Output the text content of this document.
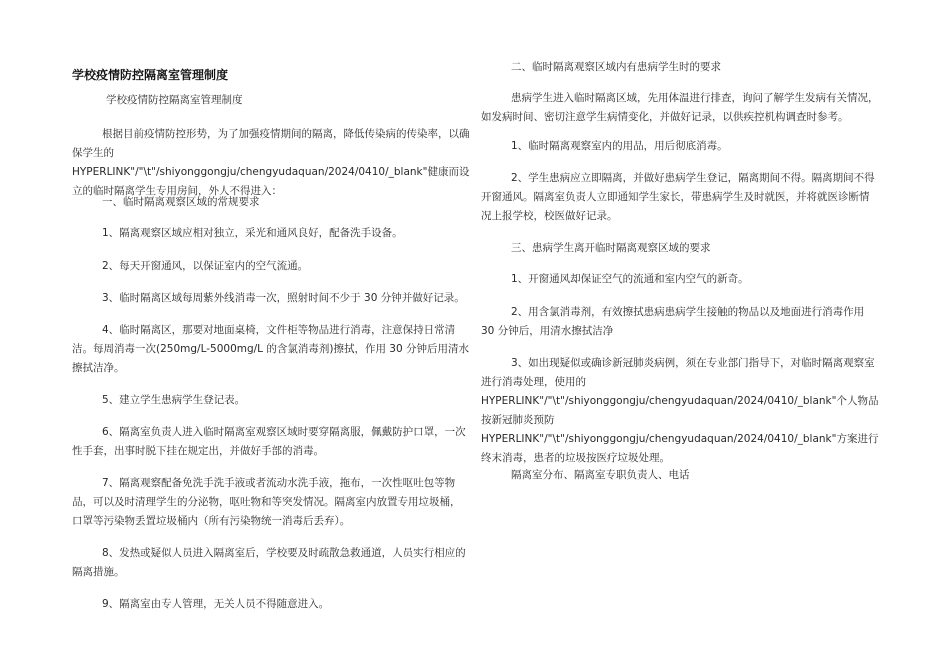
学校疫情防控隔离室管理制度

学校疫情防控隔离室管理制度

根据目前疫情防控形势，为了加强疫情期间的隔离，降低传染病的传染率，以确保学生的 HYPERLINK"/"\t"/shiyonggongju/chengyudaquan/2024/0410/_blank"健康而设立的临时隔离学生专用房间，外人不得进入：

一、临时隔离观察区域的常规要求

1、隔离观察区域应相对独立，采光和通风良好，配备洗手设备。

2、每天开窗通风，以保证室内的空气流通。

3、临时隔离区域每周紫外线消毒一次，照射时间不少于 30 分钟并做好记录。

4、临时隔离区，那要对地面桌椅，文件柜等物品进行消毒，注意保持日常清洁。每周消毒一次(250mg/L-5000mg/L 的含氯消毒剂)擦拭，作用 30 分钟后用清水擦拭洁净。

5、建立学生患病学生登记表。

6、隔离室负责人进入临时隔离室观察区域时要穿隔离服，佩戴防护口罩，一次性手套，出事时脱下挂在规定出，并做好手部的消毒。

7、隔离观察配备免洗手洗手液或者流动水洗手液，拖布，一次性呕吐包等物品，可以及时清理学生的分泌物，呕吐物和等突发情况。隔离室内放置专用垃圾桶，口罩等污染物丢置垃圾桶内（所有污染物统一消毒后丢弃）。

8、发热或疑似人员进入隔离室后，学校要及时疏散急救通道，人员实行相应的隔离措施。

9、隔离室由专人管理，无关人员不得随意进入。

二、临时隔离观察区域内有患病学生时的要求

患病学生进入临时隔离区域，先用体温进行排查，询问了解学生发病有关情况，如发病时间、密切注意学生病情变化，并做好记录，以供疾控机构调查时参考。

1、临时隔离观察室内的用品，用后彻底消毒。

2、学生患病应立即隔离，并做好患病学生登记，隔离期间不得。隔离期间不得开窗通风。隔离室负责人立即通知学生家长，带患病学生及时就医，并将就医诊断情况上报学校，校医做好记录。

三、患病学生离开临时隔离观察区域的要求

1、开窗通风却保证空气的流通和室内空气的新奇。

2、用含氯消毒剂，有效擦拭患病患病学生接触的物品以及地面进行消毒作用 30 分钟后，用清水擦拭洁净

3、如出现疑似或确诊新冠肺炎病例，须在专业部门指导下，对临时隔离观察室进行消毒处理，使用的 HYPERLINK"/"\t"/shiyonggongju/chengyudaquan/2024/0410/_blank"个人物品按新冠肺炎预防 HYPERLINK"/"\t"/shiyonggongju/chengyudaquan/2024/0410/_blank"方案进行终末消毒，患者的垃圾按医疗垃圾处理。

隔离室分布、隔离室专职负责人、电话
